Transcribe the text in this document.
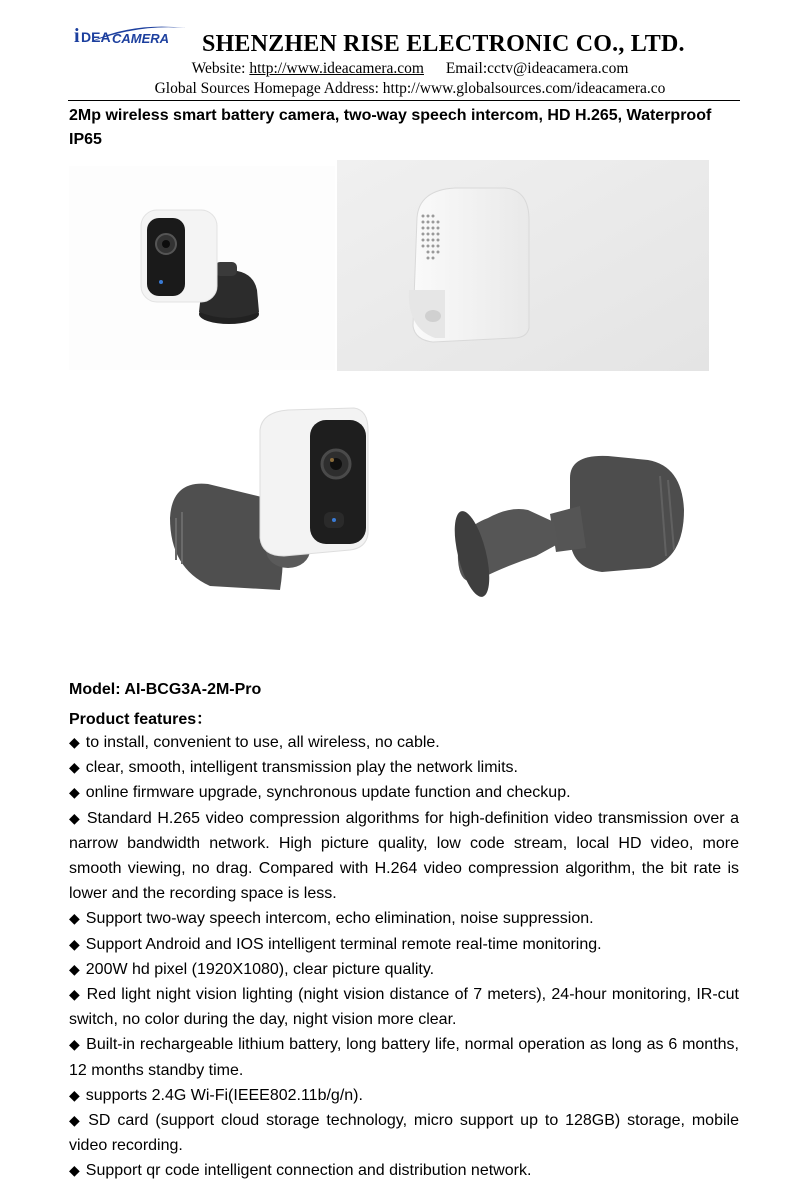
i DEA CAMERA SHENZHEN RISE ELECTRONIC CO., LTD.
Website: http://www.ideacamera.com Email:cctv@ideacamera.com
Global Sources Homepage Address: http://www.globalsources.com/ideacamera.co
2Mp wireless smart battery camera, two-way speech intercom, HD H.265, Waterproof IP65
Model: AI-BCG3A-2M-Pro
Product features：
◆ to install, convenient to use, all wireless, no cable.
◆ clear, smooth, intelligent transmission play the network limits.
◆ online firmware upgrade, synchronous update function and checkup.
◆ Standard H.265 video compression algorithms for high-definition video transmission over a narrow bandwidth network. High picture quality, low code stream, local HD video, more smooth viewing, no drag. Compared with H.264 video compression algorithm, the bit rate is lower and the recording space is less.
◆ Support two-way speech intercom, echo elimination, noise suppression.
◆ Support Android and IOS intelligent terminal remote real-time monitoring.
◆ 200W hd pixel (1920X1080), clear picture quality.
◆ Red light night vision lighting (night vision distance of 7 meters), 24-hour monitoring, IR-cut switch, no color during the day, night vision more clear.
◆ Built-in rechargeable lithium battery, long battery life, normal operation as long as 6 months, 12 months standby time.
◆ supports 2.4G Wi-Fi(IEEE802.11b/g/n).
◆ SD card (support cloud storage technology, micro support up to 128GB) storage, mobile video recording.
◆ Support qr code intelligent connection and distribution network.
